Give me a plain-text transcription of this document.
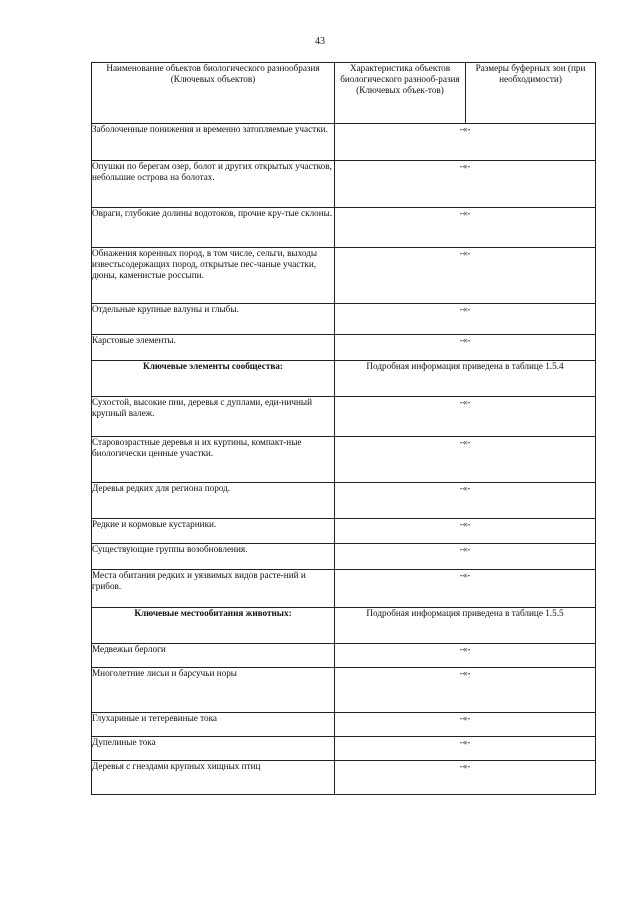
43
Наименование объектов биологического разнообразия (Ключевых объектов)	Характеристика объектов биологического разнооб-разия (Ключевых объек-тов)	Размеры буферных зон (при необходимости)
Заболоченные понижения и временно затопляемые участки.	-«-	
Опушки по берегам озер, болот и других открытых участков, небольшие острова на болотах.	-«-	
Овраги, глубокие долины водотоков, прочие кру-тые склоны.	-«-	
Обнажения коренных пород, в том числе, сельги, выходы известьсодержащих пород, открытые пес-чаные участки, дюны, каменистые россыпи.	-«-	
Отдельные крупные валуны и глыбы.	-«-	
Карстовые элементы.	-«-	
Ключевые элементы сообщества:	Подробная информация приведена в таблице 1.5.4	
Сухостой, высокие пни, деревья с дуплами, еди-ничный крупный валеж.	-«-	
Старовозрастные деревья и их куртины, компакт-ные биологически ценные участки.	-«-	
Деревья редких для региона пород.	-«-	
Редкие и кормовые кустарники.	-«-	
Существующие группы возобновления.	-«-	
Места обитания редких и уязвимых видов расте-ний и грибов.	-«-	
Ключевые местообитания животных:	Подробная информация приведена в таблице 1.5.5	
Медвежьи берлоги	-«-	
Многолетние лисьи и барсучьи норы	-«-	
Глухариные и тетеревиные тока	-«-	
Дупелиные тока	-«-	
Деревья с гнездами крупных хищных птиц	-«-	
